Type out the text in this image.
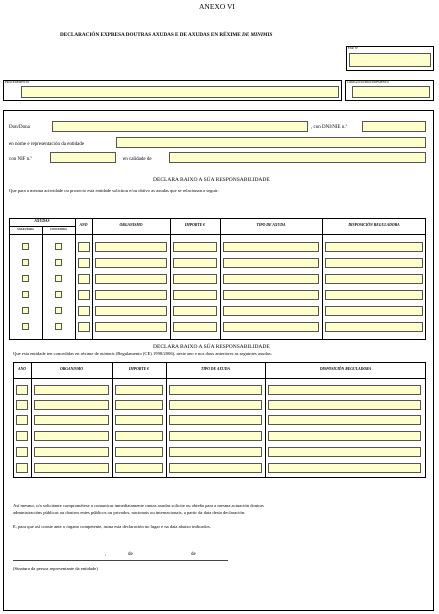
ANEXO VI
DECLARACIÓN EXPRESA DOUTRAS AXUDAS E DE AXUDAS EN RÉXIME DE MINIMIS
EXP. Nº
PROCEDEMENTO	CÓDIGO DO PROCEDEMENTO
Don/Dona	, con DNI/NIE n.º
en nome e representación da entidade
con NIF n.º	en calidade de
DECLARA BAIXO A SÚA RESPONSABILIDADE
Que para a mesma actividade ou proxecto esta entidade solicitou e/ou obtivo as axudas que se relacionan a seguir:
AXUDAS
SOLICITADA	CONCEDIDA
ANO	ORGANISMO	IMPORTE €	TIPO DE AXUDA	DISPOSICIÓN REGULADORA
DECLARA BAIXO A SÚA RESPONSABILIDADE
Que esta entidade ten concedidas en réxime de minimis (Regulamento (CE) 1998/2006), neste ano e nos dous anteriores as seguintes axudas:
ANO	ORGANISMO	IMPORTE €	TIPO DE AXUDA	DISPOSICIÓN REGULADORA
Así mesmo, o/a solicitante comprométese a comunicar inmediatamente cantas axudas solicite ou obteña para a mesma actuación doutras
administracións públicas ou doutros entes públicos ou privados, nacionais ou internacionais, a partir da data desta declaración.
E, para que así conste ante o órgano competente, asina esta declaración no lugar e na data abaixo indicados.
,	de	de
(Sinatura da persoa representante da entidade)
